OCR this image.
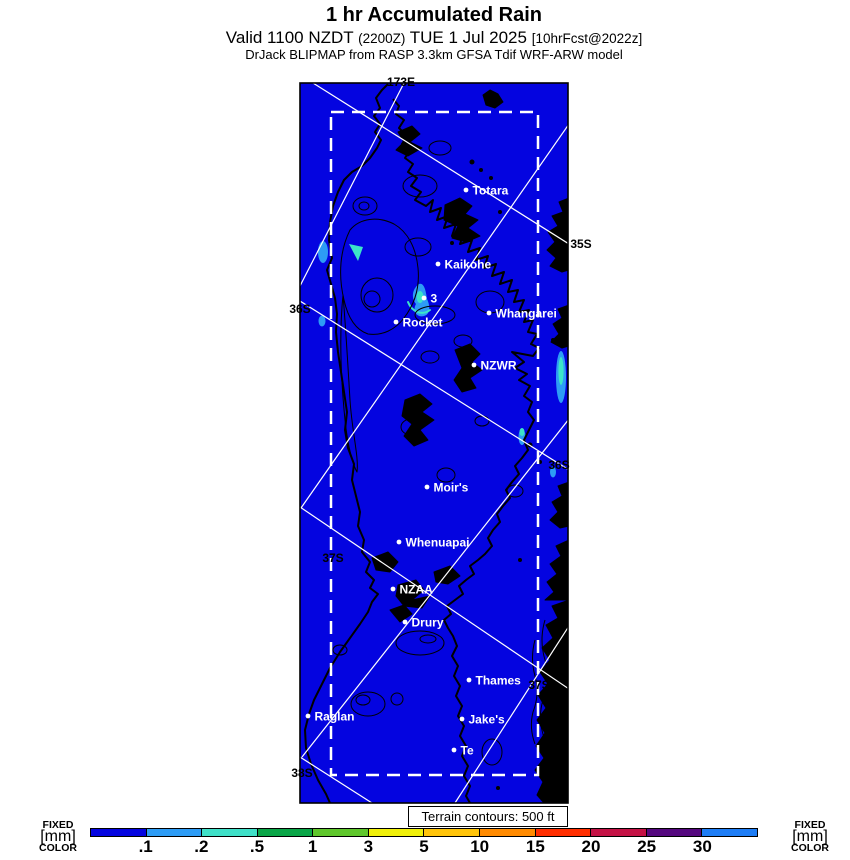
1 hr Accumulated Rain
Valid 1100 NZDT (2200Z) TUE 1 Jul 2025 [10hrFcst@2022z]
DrJack BLIPMAP from RASP 3.3km GFSA Tdif WRF-ARW model
173E
35S
36S
36S
37S
37S
38S
Totara
Kaikohe
3
Rocket
Whangarei
NZWR
Moir's
Whenuapai
NZAA
Drury
Thames
Raglan	Jake's
Te
Terrain contours: 500 ft
.1 .2 .5	1	3	5 10 15 20 25 30
FIXED
[mm]
COLOR
FIXED
[mm]
COLOR
